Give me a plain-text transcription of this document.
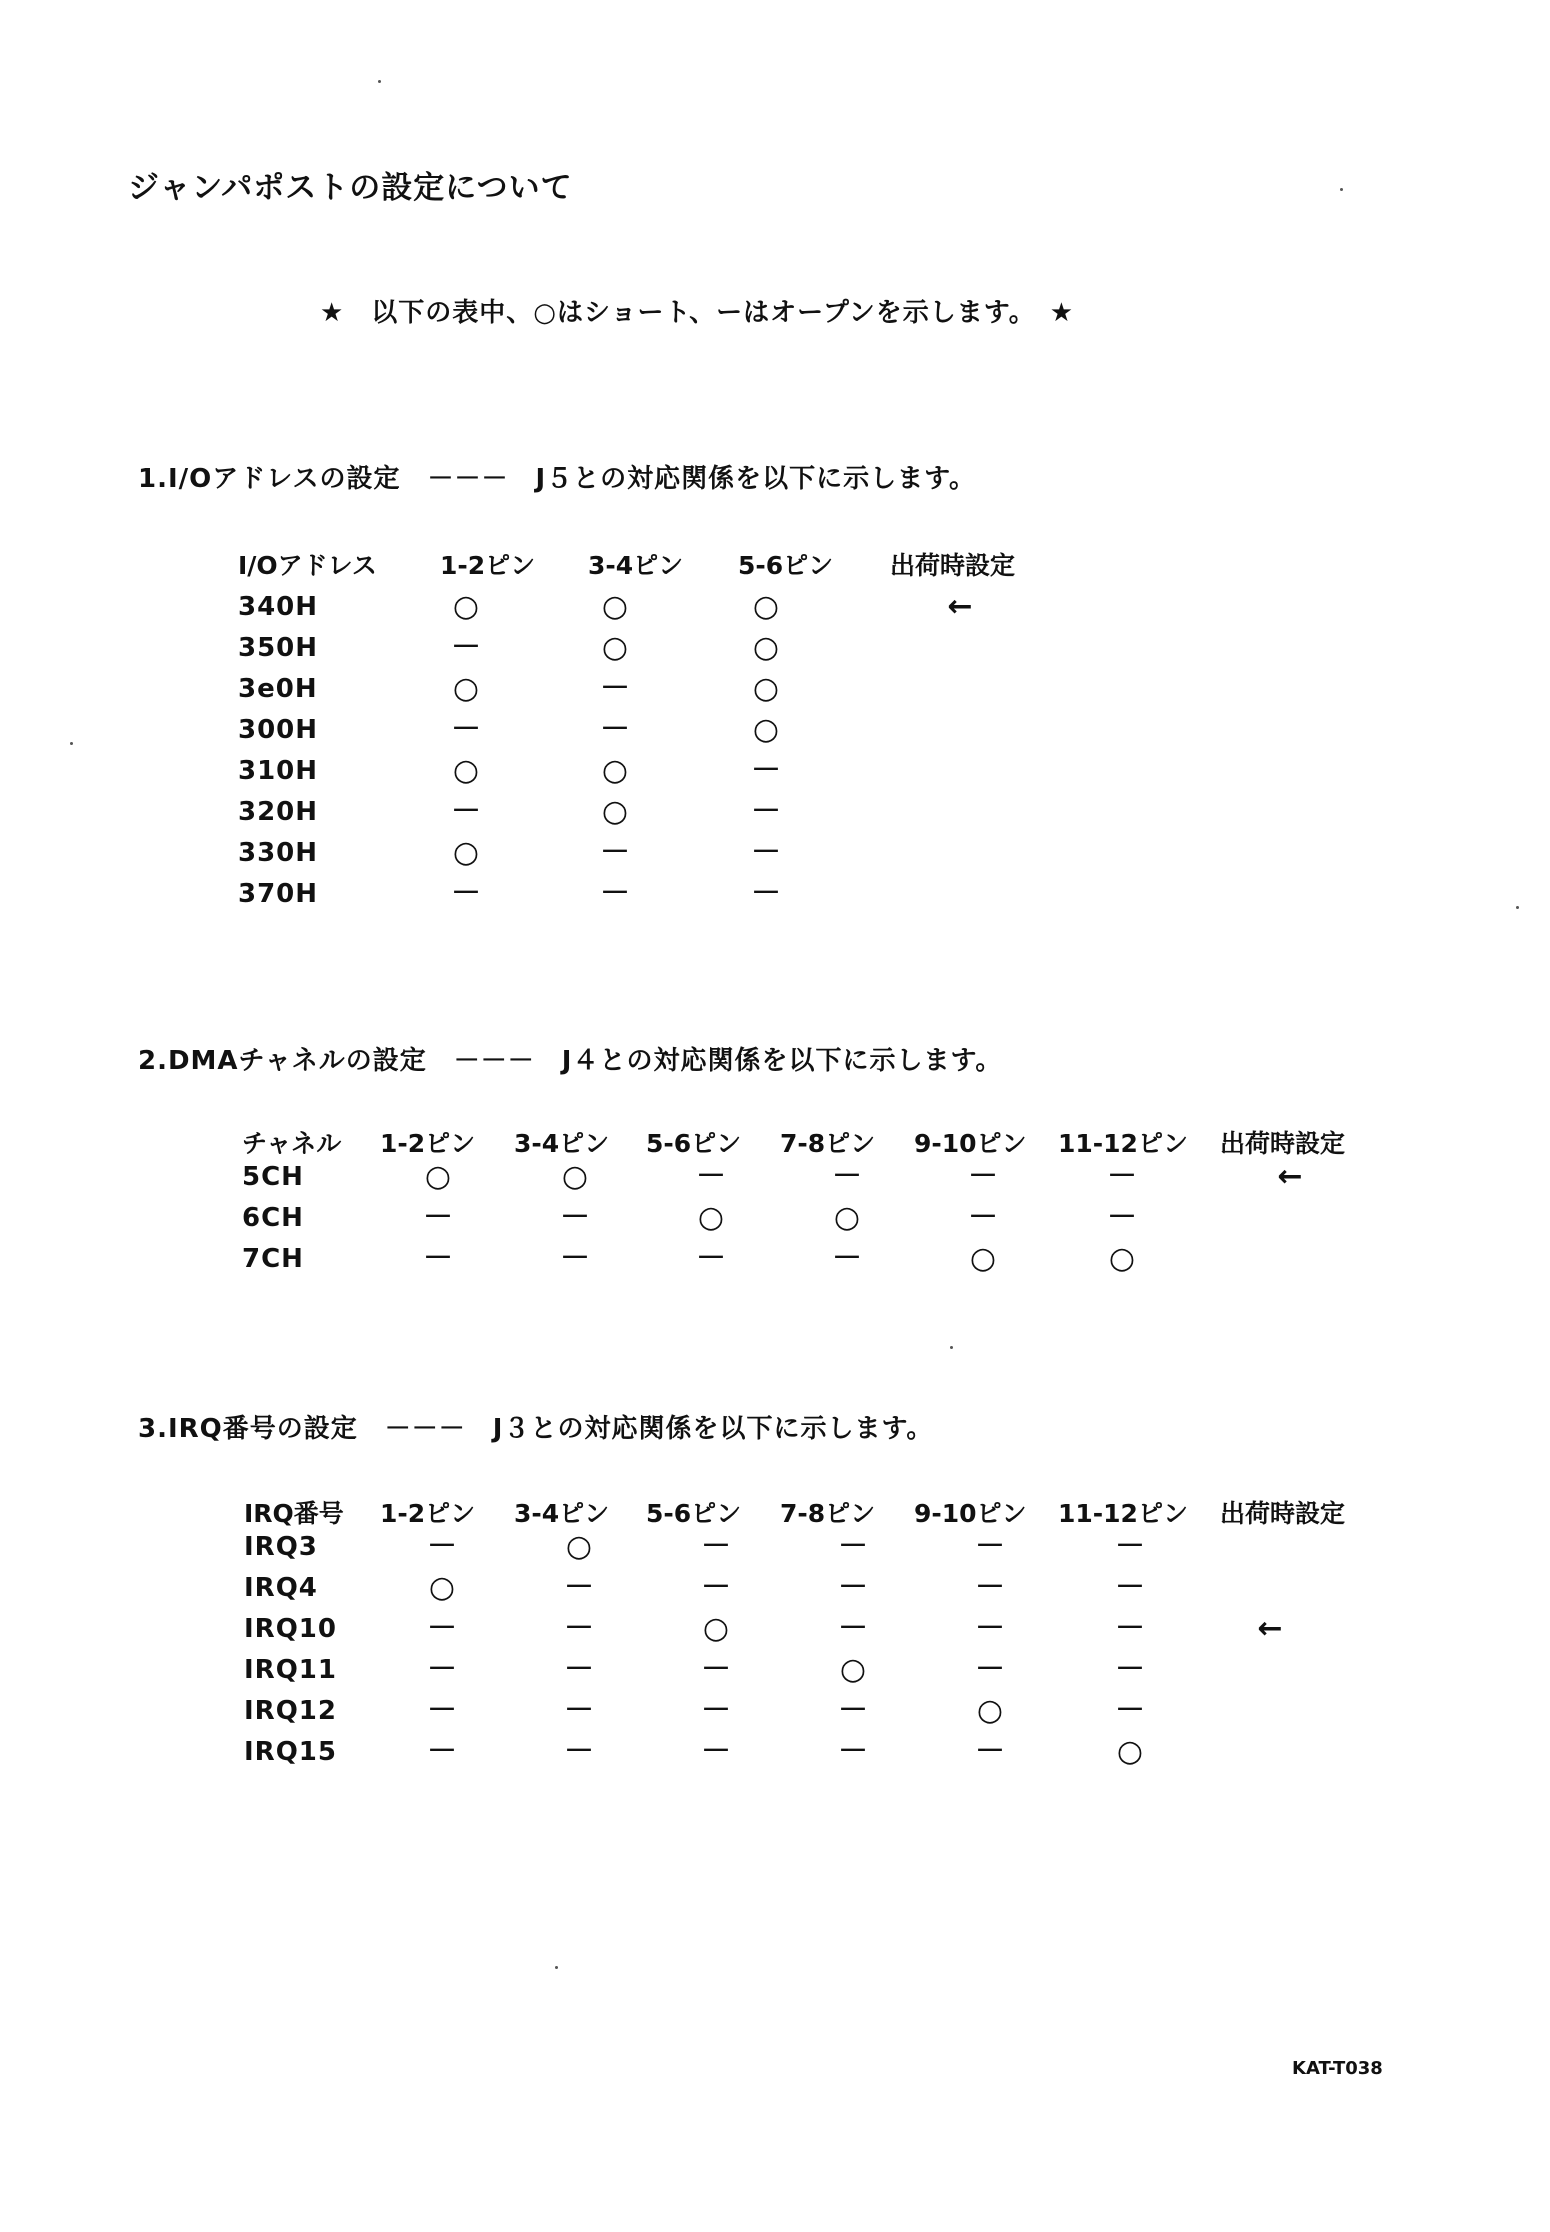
ジャンパポストの設定について
★　以下の表中、○はショート、ーはオープンを示します。　★
1.I/Oアドレスの設定　－－－　J５との対応関係を以下に示します。
I/Oアドレス	1-2ピン 3-4ピン 5-6ピン 出荷時設定
340H	○	○	○	←
350H	－	○	○
3e0H	○	－	○
300H	－	－	○
310H	○	○	－
320H	－	○	－
330H	○	－	－
370H	－	－	－
2.DMAチャネルの設定　－－－　J４との対応関係を以下に示します。
チャネル 1-2ピン 3-4ピン 5-6ピン 7-8ピン 9-10ピン 11-12ピン 出荷時設定
5CH	○	○	－	－	－	－	←
6CH	－	－	○	○	－	－
7CH	－	－	－	－	○	○
3.IRQ番号の設定　－－－　J３との対応関係を以下に示します。
IRQ番号 1-2ピン 3-4ピン 5-6ピン 7-8ピン 9-10ピン 11-12ピン 出荷時設定
IRQ3	－	○	－	－	－	－
IRQ4	○	－	－	－	－	－
IRQ10	－	－	○	－	－	－	←
IRQ11	－	－	－	○	－	－
IRQ12	－	－	－	－	○	－
IRQ15	－	－	－	－	－	○
KAT-T038
